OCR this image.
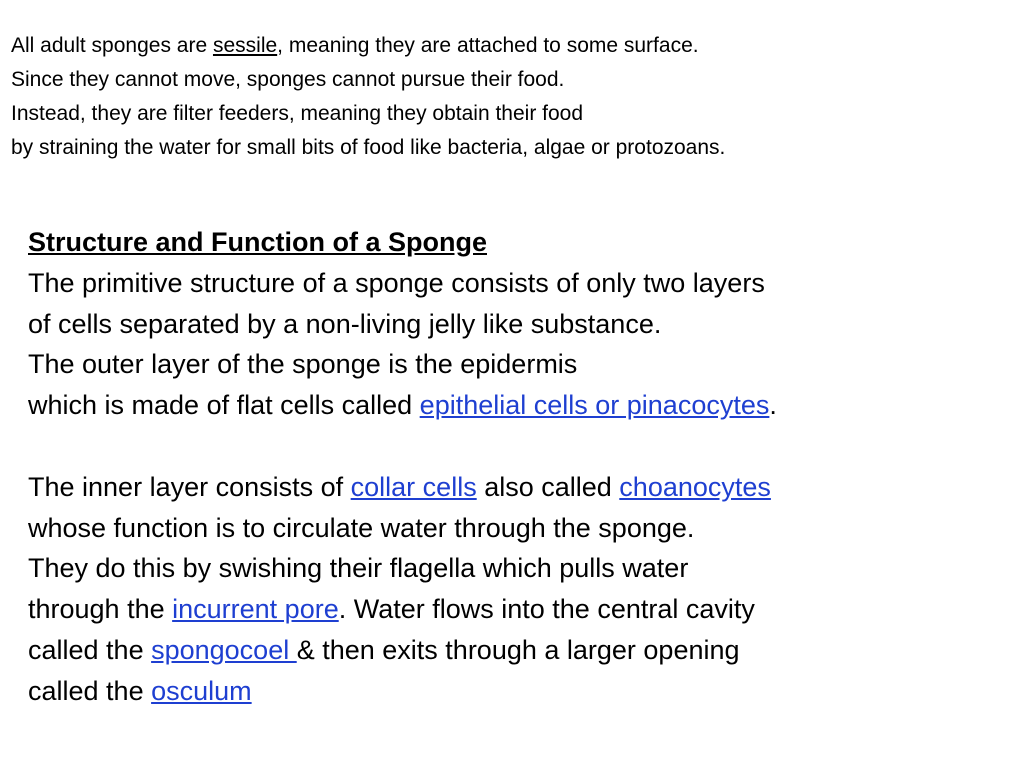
All adult sponges are sessile, meaning they are attached to some surface.
Since they cannot move, sponges cannot pursue their food.
Instead, they are filter feeders, meaning they obtain their food
by straining the water for small bits of food like bacteria, algae or protozoans.
Structure and Function of a Sponge
The primitive structure of a sponge consists of only two layers
of cells separated by a non-living jelly like substance.
The outer layer of the sponge is the epidermis
which is made of flat cells called epithelial cells or pinacocytes.
The inner layer consists of collar cells also called choanocytes
whose function is to circulate water through the sponge.
They do this by swishing their flagella which pulls water
through the incurrent pore. Water flows into the central cavity
called the spongocoel & then exits through a larger opening
called the osculum
